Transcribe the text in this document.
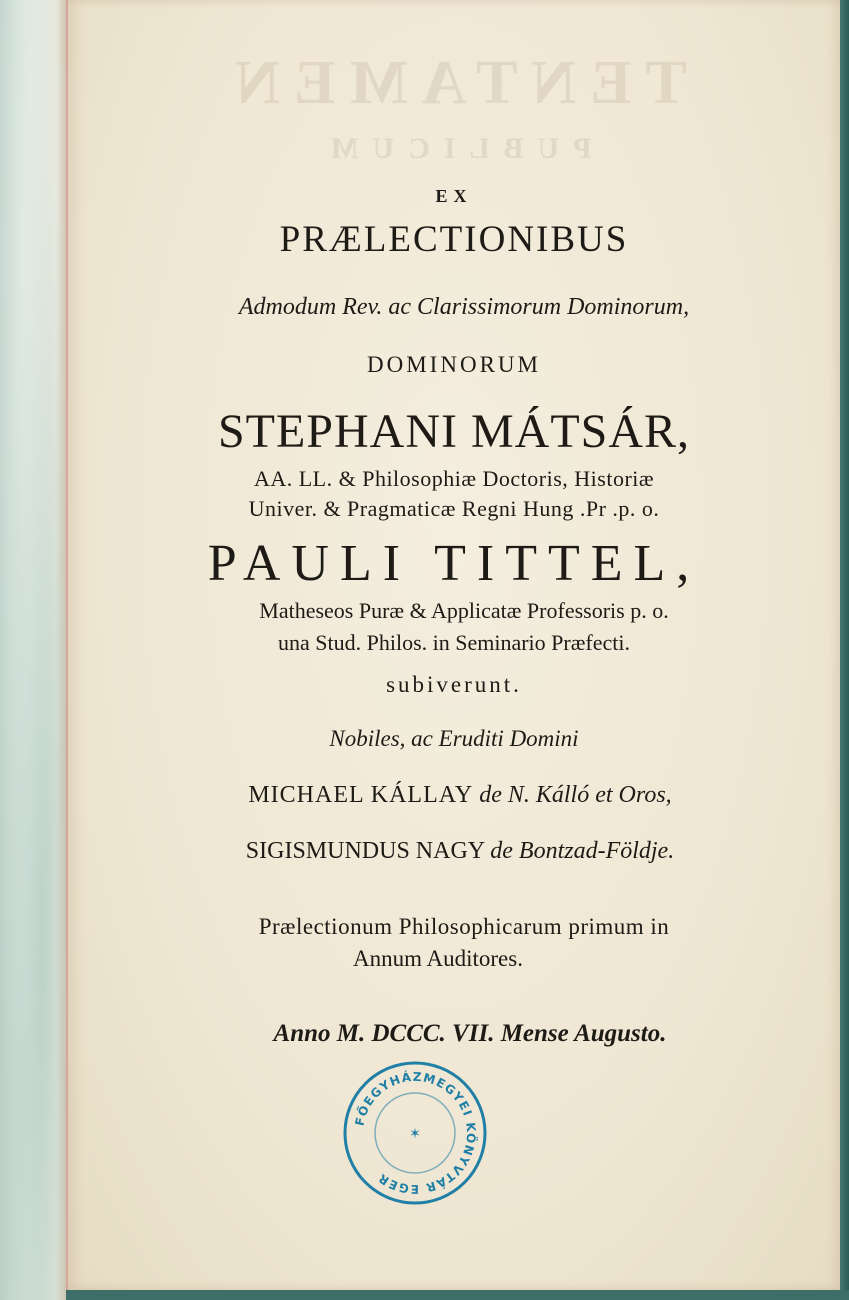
TENTAMEN
PUBLICUM
EX
PRÆLECTIONIBUS
Admodum Rev. ac Clarissimorum Dominorum,
DOMINORUM
STEPHANI MÁTSÁR,
AA. LL. & Philosophiæ Doctoris, Historiæ
Univer. & Pragmaticæ Regni Hung .Pr .p. o.
PAULI TITTEL,
Matheseos Puræ & Applicatæ Professoris p. o.
una Stud. Philos. in Seminario Præfecti.
subiverunt.
Nobiles, ac Eruditi Domini
MICHAEL KÁLLAY de N. Kálló et Oros,
SIGISMUNDUS NAGY de Bontzad-Földje.
Prælectionum Philosophicarum primum in
Annum Auditores.
Anno M. DCCC. VII. Mense Augusto.
FŐEGYHÁZMEGYEI KÖNYVTÁR EGER
✶
